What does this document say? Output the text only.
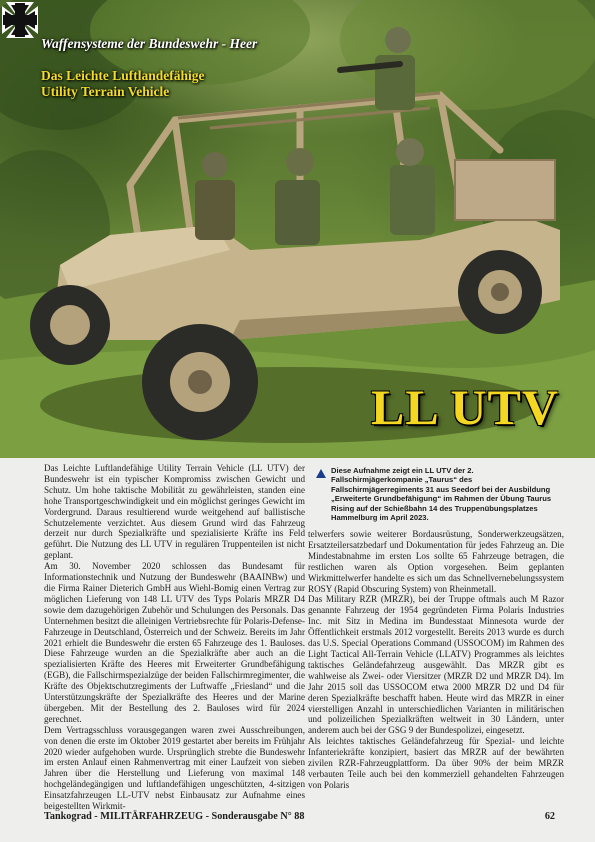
Waffensysteme der Bundeswehr - Heer

Das Leichte Luftlandefähige
Utility Terrain Vehicle
LL UTV

Das Leichte Luftlandefähige Utility Terrain Vehicle (LL UTV) der Bundeswehr ist ein typischer Kompromiss zwischen Gewicht und Schutz. Um hohe taktische Mobilität zu gewährleisten, standen eine hohe Transportgeschwindigkeit und ein möglichst geringes Gewicht im Vordergrund. Daraus resultierend wurde weitgehend auf ballistische Schutzelemente verzichtet. Aus diesem Grund wird das Fahrzeug derzeit nur durch Spezialkräfte und spezialisierte Kräfte ins Feld geführt. Die Nutzung des LL UTV in regulären Truppenteilen ist nicht geplant.

Am 30. November 2020 schlossen das Bundesamt für Informationstechnik und Nutzung der Bundeswehr (BAAINBw) und die Firma Rainer Dieterich GmbH aus Wiehl-Bomig einen Vertrag zur möglichen Lieferung von 148 LL UTV des Typs Polaris MRZR D4 sowie dem dazugehörigen Zubehör und Schulungen des Personals. Das Unternehmen besitzt die alleinigen Vertriebsrechte für Polaris-Defense-Fahrzeuge in Deutschland, Österreich und der Schweiz. Bereits im Jahr 2021 erhielt die Bundeswehr die ersten 65 Fahrzeuge des 1. Bauloses. Diese Fahrzeuge wurden an die Spezialkräfte aber auch an die spezialisierten Kräfte des Heeres mit Erweiterter Grundbefähigung (EGB), die Fallschirmspezialzüge der beiden Fallschirmregimenter, die Kräfte des Objektschutzregiments der Luftwaffe „Friesland“ und die Unterstützungskräfte der Spezialkräfte des Heeres und der Marine übergeben. Mit der Bestellung des 2. Bauloses wird für 2024 gerechnet.

Dem Vertragsschluss vorausgegangen waren zwei Ausschreibungen, von denen die erste im Oktober 2019 gestartet aber bereits im Frühjahr 2020 wieder aufgehoben wurde. Ursprünglich strebte die Bundeswehr im ersten Anlauf einen Rahmenvertrag mit einer Laufzeit von sieben Jahren über die Herstellung und Lieferung von maximal 148 hochgeländegängigen und luftlandefähigen ungeschützten, 4-sitzigen Einsatzfahrzeugen LL-UTV nebst Einbausatz zur Aufnahme eines beigestellten Wirkmit-

Diese Aufnahme zeigt ein LL UTV der 2. Fallschirmjägerkompanie „Taurus“ des Fallschirmjägerregiments 31 aus Seedorf bei der Ausbildung „Erweiterte Grundbefähigung“ im Rahmen der Übung Taurus Rising auf der Schießbahn 14 des Truppenübungsplatzes Hammelburg im April 2023.

telwerfers sowie weiterer Bordausrüstung, Sonderwerkzeugsätzen, Ersatzteilersatzbedarf und Dokumentation für jedes Fahrzeug an. Die Mindestabnahme im ersten Los sollte 65 Fahrzeuge betragen, die restlichen waren als Option vorgesehen. Beim geplanten Wirkmittelwerfer handelte es sich um das Schnellvernebelungssystem ROSY (Rapid Obscuring System) von Rheinmetall.

Das Military RZR (MRZR), bei der Truppe oftmals auch M Razor genannte Fahrzeug der 1954 gegründeten Firma Polaris Industries Inc. mit Sitz in Medina im Bundesstaat Minnesota wurde der Öffentlichkeit erstmals 2012 vorgestellt. Bereits 2013 wurde es durch das U.S. Special Operations Command (USSOCOM) im Rahmen des Light Tactical All-Terrain Vehicle (LLATV) Programmes als leichtes taktisches Geländefahrzeug ausgewählt. Das MRZR gibt es wahlweise als Zwei- oder Viersitzer (MRZR D2 und MRZR D4). Im Jahr 2015 soll das USSOCOM etwa 2000 MRZR D2 und D4 für deren Spezialkräfte beschafft haben. Heute wird das MRZR in einer vierstelligen Anzahl in unterschiedlichen Varianten in militärischen und polizeilichen Spezialkräften weltweit in 30 Ländern, unter anderem auch bei der GSG 9 der Bundespolizei, eingesetzt.

Als leichtes taktisches Geländefahrzeug für Spezial- und leichte Infanteriekräfte konzipiert, basiert das MRZR auf der bewährten zivilen RZR-Fahrzeugplattform. Da über 90% der beim MRZR verbauten Teile auch bei den kommerziell gehandelten Fahrzeugen von Polaris

Tankograd - MILITÄRFAHRZEUG - Sonderausgabe N° 88	62
